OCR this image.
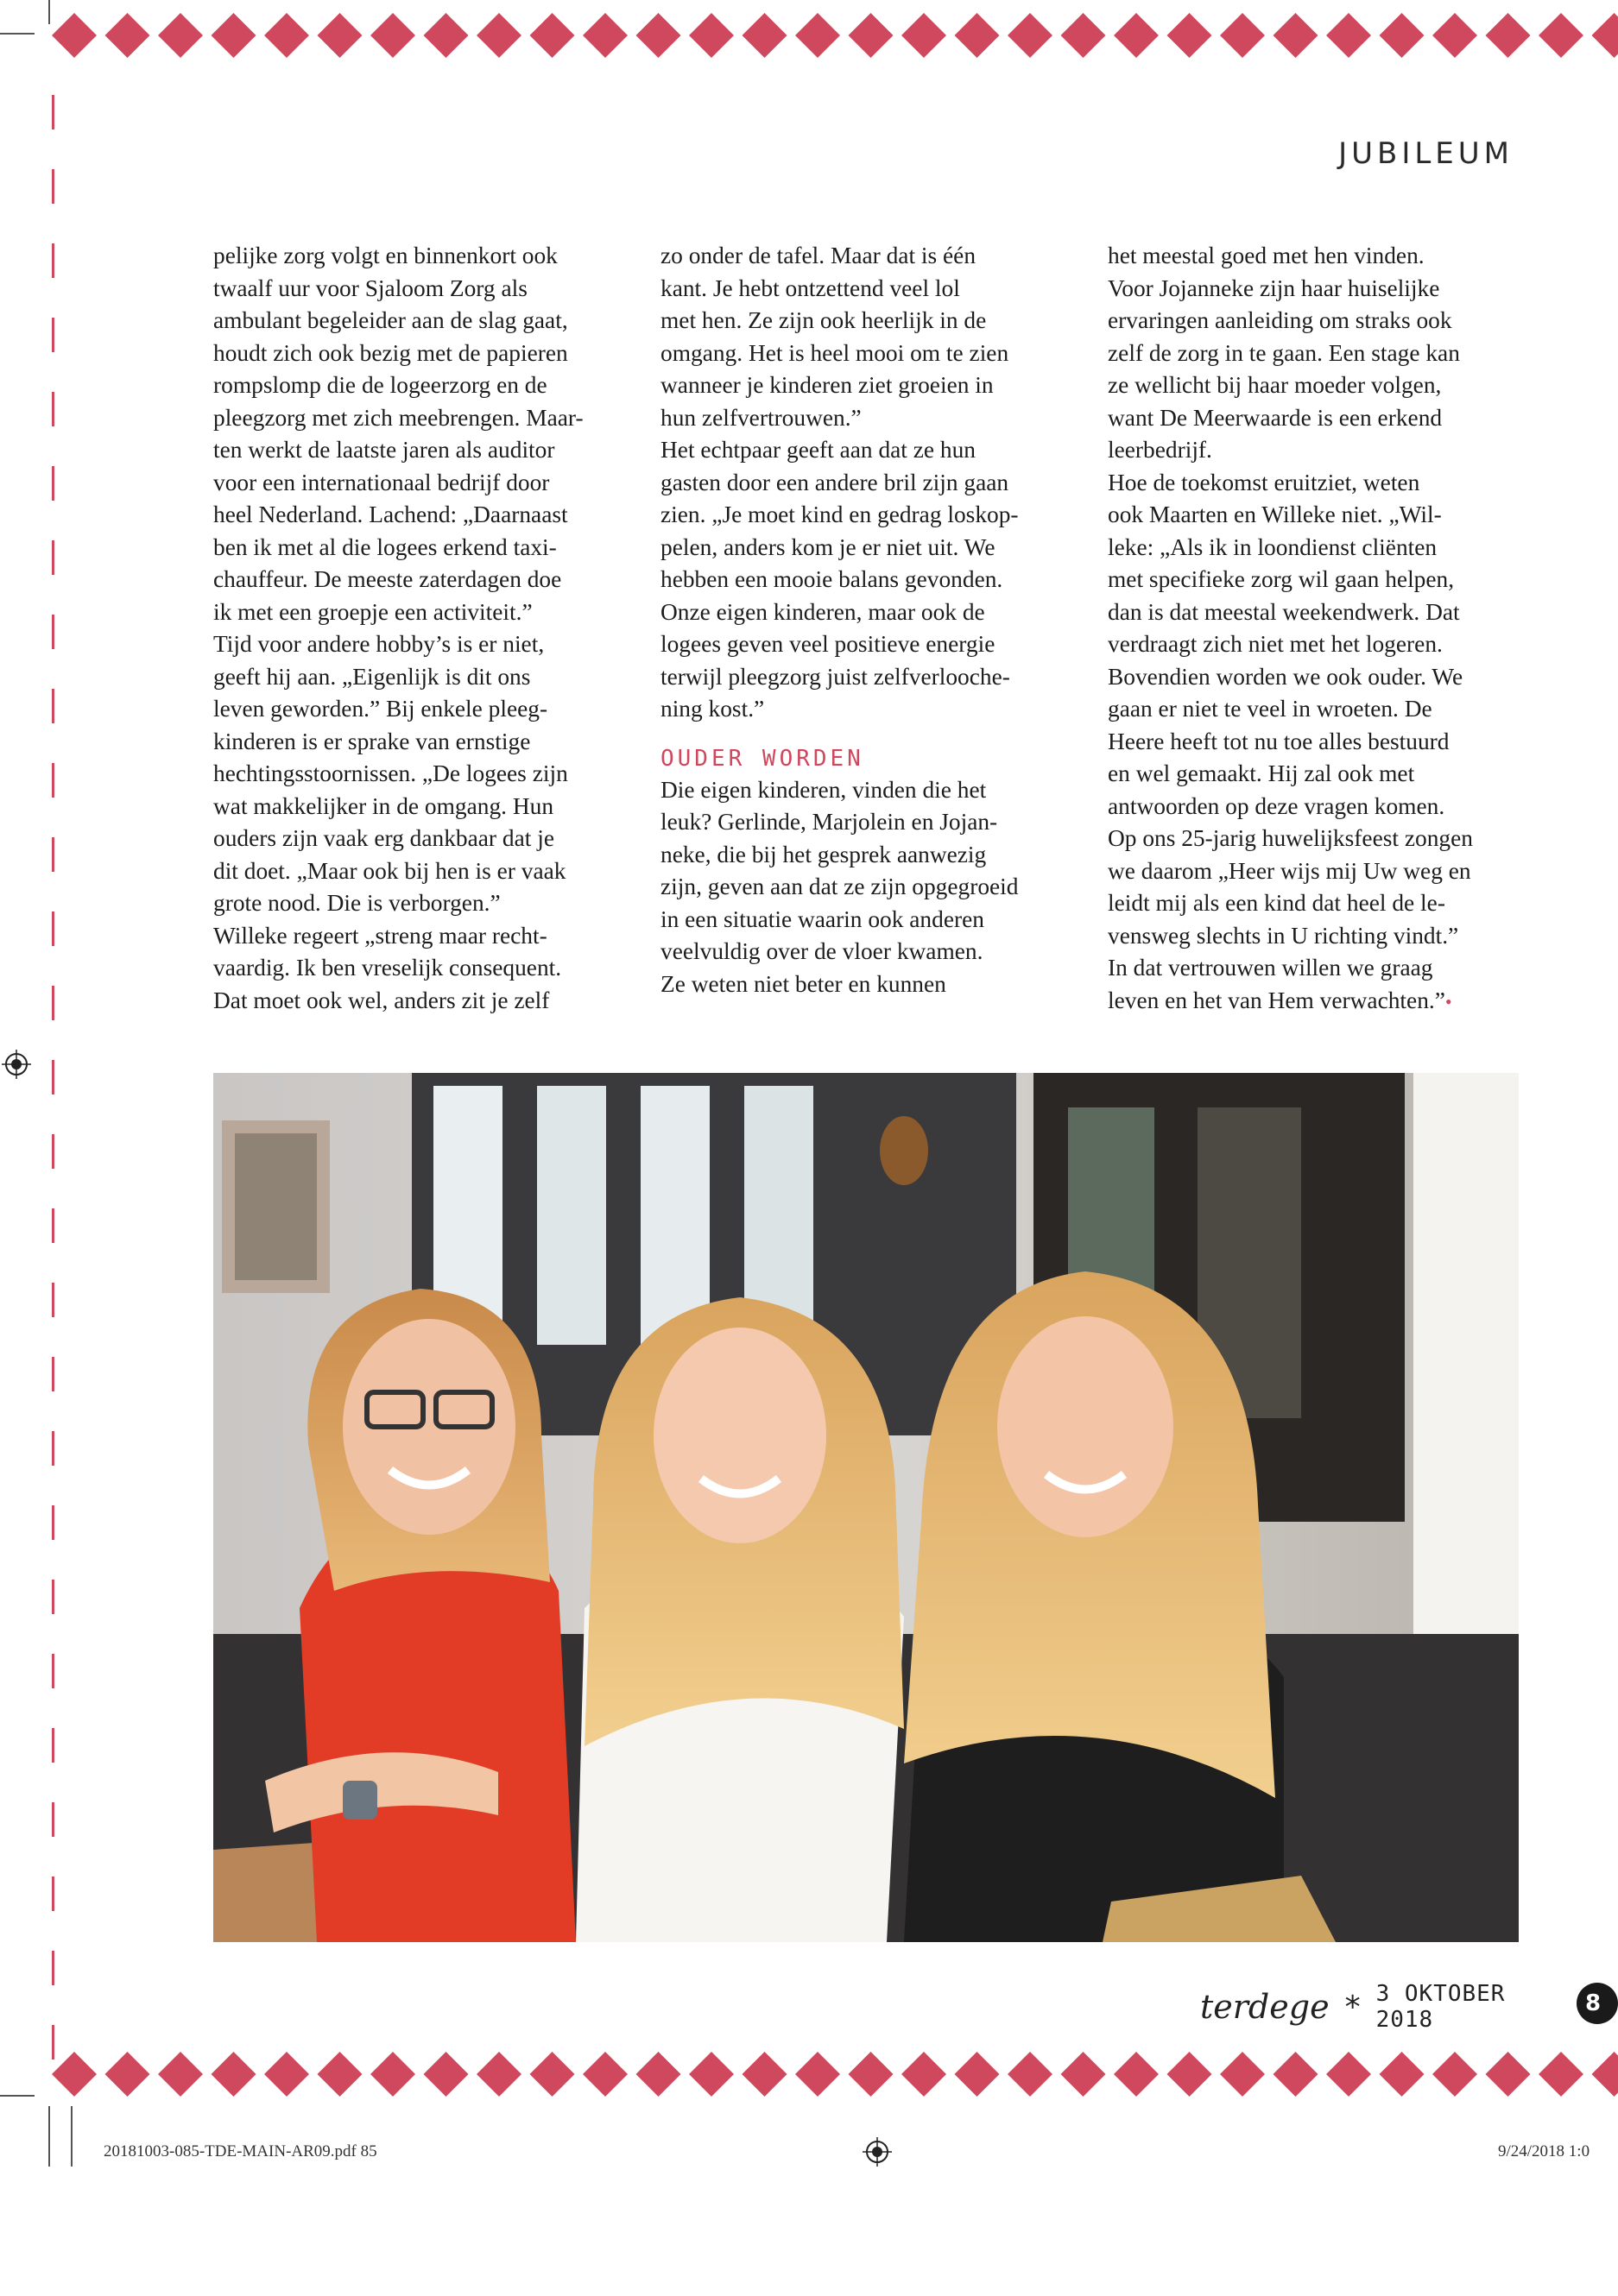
JUBILEUM
pelijke zorg volgt en binnenkort ook
twaalf uur voor Sjaloom Zorg als
ambulant begeleider aan de slag gaat,
houdt zich ook bezig met de papieren
rompslomp die de logeerzorg en de
pleegzorg met zich meebrengen. Maar-
ten werkt de laatste jaren als auditor
voor een internationaal bedrijf door
heel Nederland. Lachend: „Daarnaast
ben ik met al die logees erkend taxi-
chauffeur. De meeste zaterdagen doe
ik met een groepje een activiteit.”
Tijd voor andere hobby’s is er niet,
geeft hij aan. „Eigenlijk is dit ons
leven geworden.” Bij enkele pleeg-
kinderen is er sprake van ernstige
hechtingsstoornissen. „De logees zijn
wat makkelijker in de omgang. Hun
ouders zijn vaak erg dankbaar dat je
dit doet. „Maar ook bij hen is er vaak
grote nood. Die is verborgen.”
Willeke regeert „streng maar recht-
vaardig. Ik ben vreselijk consequent.
Dat moet ook wel, anders zit je zelf
zo onder de tafel. Maar dat is één
kant. Je hebt ontzettend veel lol
met hen. Ze zijn ook heerlijk in de
omgang. Het is heel mooi om te zien
wanneer je kinderen ziet groeien in
hun zelfvertrouwen.”
Het echtpaar geeft aan dat ze hun
gasten door een andere bril zijn gaan
zien. „Je moet kind en gedrag loskop-
pelen, anders kom je er niet uit. We
hebben een mooie balans gevonden.
Onze eigen kinderen, maar ook de
logees geven veel positieve energie
terwijl pleegzorg juist zelfverlooche-
ning kost.”
OUDER WORDEN
Die eigen kinderen, vinden die het
leuk? Gerlinde, Marjolein en Jojan-
neke, die bij het gesprek aanwezig
zijn, geven aan dat ze zijn opgegroeid
in een situatie waarin ook anderen
veelvuldig over de vloer kwamen.
Ze weten niet beter en kunnen
het meestal goed met hen vinden.
Voor Jojanneke zijn haar huiselijke
ervaringen aanleiding om straks ook
zelf de zorg in te gaan. Een stage kan
ze wellicht bij haar moeder volgen,
want De Meerwaarde is een erkend
leerbedrijf.
Hoe de toekomst eruitziet, weten
ook Maarten en Willeke niet. „Wil-
leke: „Als ik in loondienst cliënten
met specifieke zorg wil gaan helpen,
dan is dat meestal weekendwerk. Dat
verdraagt zich niet met het logeren.
Bovendien worden we ook ouder. We
gaan er niet te veel in wroeten. De
Heere heeft tot nu toe alles bestuurd
en wel gemaakt. Hij zal ook met
antwoorden op deze vragen komen.
Op ons 25-jarig huwelijksfeest zongen
we daarom „Heer wijs mij Uw weg en
leidt mij als een kind dat heel de le-
vensweg slechts in U richting vindt.”
In dat vertrouwen willen we graag
leven en het van Hem verwachten.”•
terdege * 3 OKTOBER 2018
8
20181003-085-TDE-MAIN-AR09.pdf 85	9/24/2018 1:0
